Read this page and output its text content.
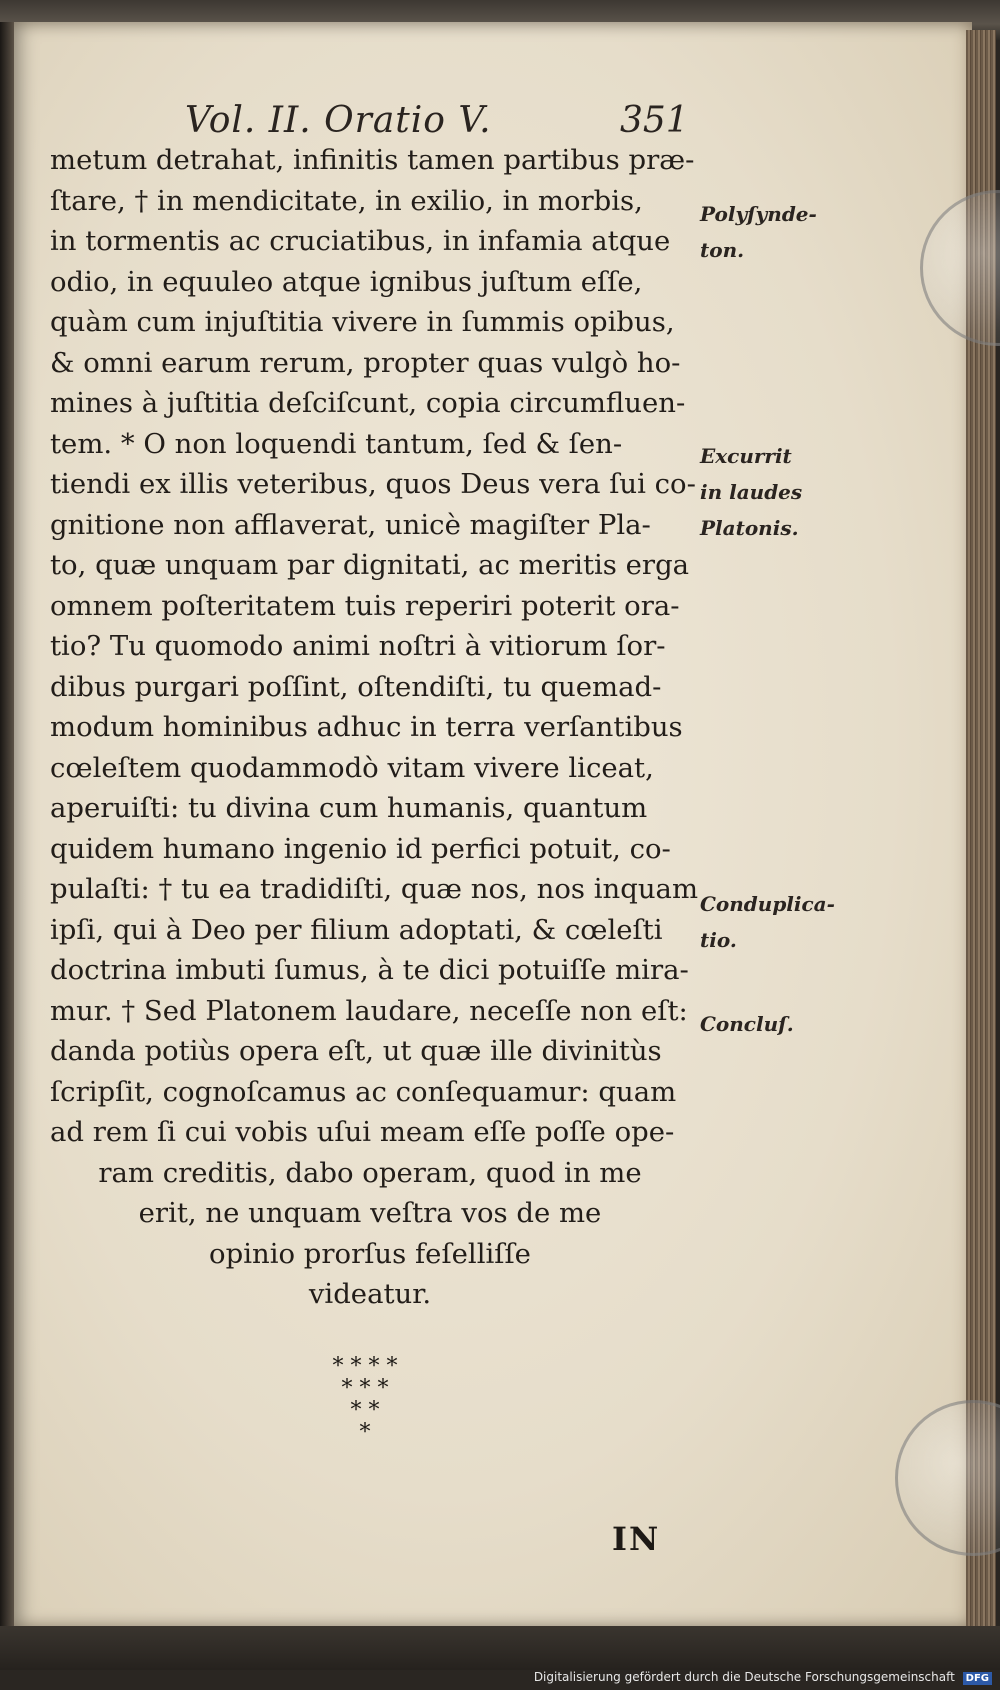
Vol. II. Oratio V.	351
metum detrahat, infinitis tamen partibus præ-
ſtare, † in mendicitate, in exilio, in morbis,
in tormentis ac cruciatibus, in infamia atque
odio, in equuleo atque ignibus juſtum eſſe,
quàm cum injuſtitia vivere in ſummis opibus,
& omni earum rerum, propter quas vulgò ho-
mines à juſtitia deſciſcunt, copia circumfluen-
tem. * O non loquendi tantum, ſed & ſen-
tiendi ex illis veteribus, quos Deus vera ſui co-
gnitione non afflaverat, unicè magiſter Pla-
to, quæ unquam par dignitati, ac meritis erga
omnem poſteritatem tuis reperiri poterit ora-
tio? Tu quomodo animi noſtri à vitiorum ſor-
dibus purgari poſſint, oſtendiſti, tu quemad-
modum hominibus adhuc in terra verſantibus
cœleſtem quodammodò vitam vivere liceat,
aperuiſti: tu divina cum humanis, quantum
quidem humano ingenio id perfici potuit, co-
pulaſti: † tu ea tradidiſti, quæ nos, nos inquam
ipſi, qui à Deo per filium adoptati, & cœleſti
doctrina imbuti ſumus, à te dici potuiſſe mira-
mur. † Sed Platonem laudare, neceſſe non eſt:
danda potiùs opera eſt, ut quæ ille divinitùs
ſcripſit, cognoſcamus ac conſequamur: quam
ad rem ſi cui vobis uſui meam eſſe poſſe ope-
ram creditis, dabo operam, quod in me
erit, ne unquam veſtra vos de me
opinio prorſus feſelliſſe
videatur.
Polyſynde-
ton.
Excurrit
in laudes
Platonis.
Conduplica-
tio.
Concluſ.
* * * *
* * *
* *
*
IN
Digitalisierung gefördert durch die Deutsche Forschungsgemeinschaft DFG
